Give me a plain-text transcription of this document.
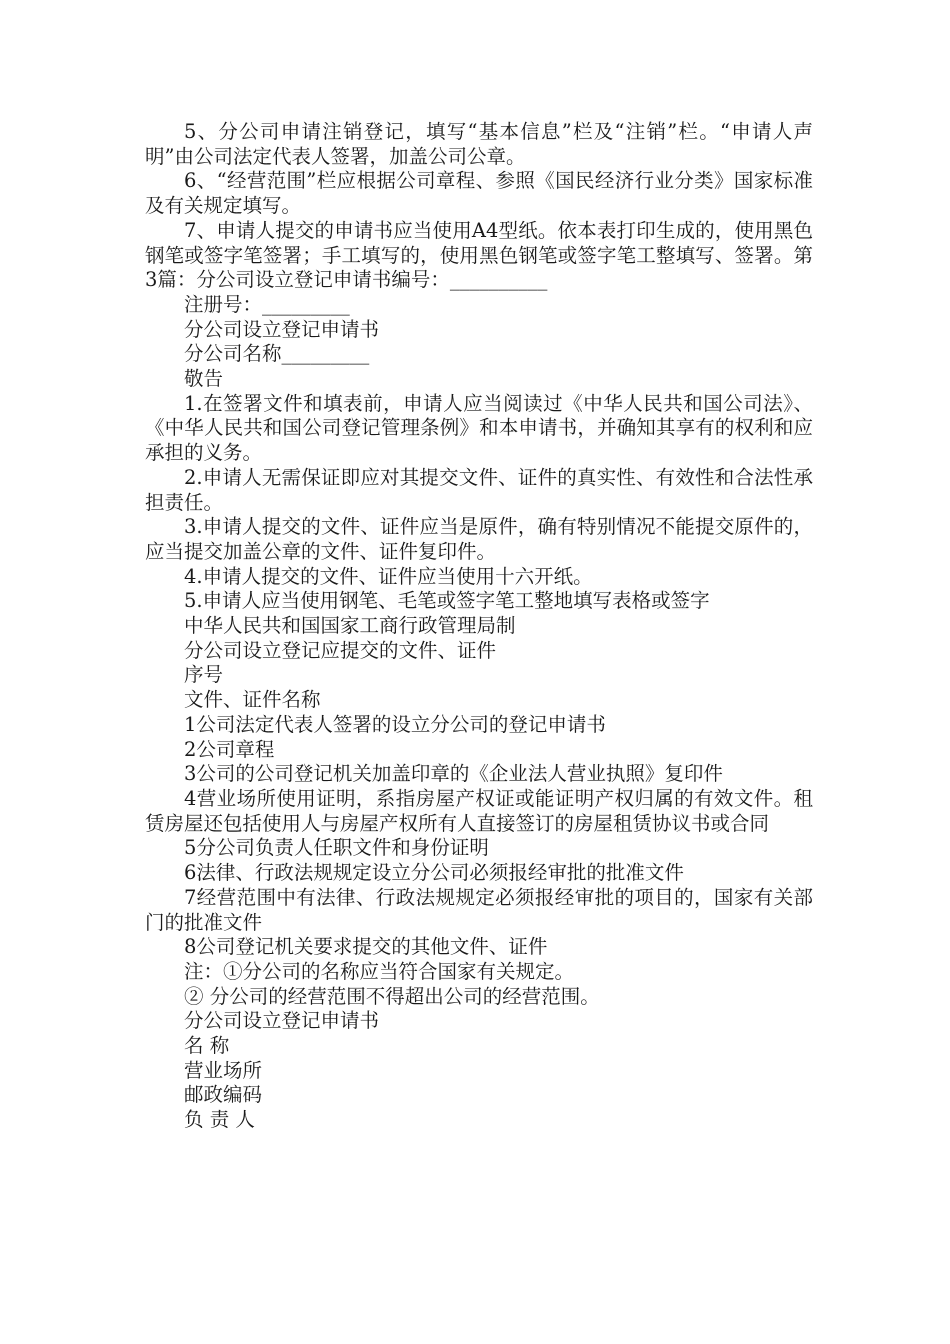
5、分公司申请注销登记，填写“基本信息”栏及“注销”栏。“申请人声明”由公司法定代表人签署，加盖公司公章。

6、“经营范围”栏应根据公司章程、参照《国民经济行业分类》国家标准及有关规定填写。

7、申请人提交的申请书应当使用A4型纸。依本表打印生成的，使用黑色钢笔或签字笔签署；手工填写的，使用黑色钢笔或签字笔工整填写、签署。第3篇：分公司设立登记申请书编号：__________

注册号：_________

分公司设立登记申请书

分公司名称_________

敬告

1.在签署文件和填表前，申请人应当阅读过《中华人民共和国公司法》、《中华人民共和国公司登记管理条例》和本申请书，并确知其享有的权利和应承担的义务。

2.申请人无需保证即应对其提交文件、证件的真实性、有效性和合法性承担责任。

3.申请人提交的文件、证件应当是原件，确有特别情况不能提交原件的，应当提交加盖公章的文件、证件复印件。

4.申请人提交的文件、证件应当使用十六开纸。

5.申请人应当使用钢笔、毛笔或签字笔工整地填写表格或签字

中华人民共和国国家工商行政管理局制

分公司设立登记应提交的文件、证件

序号

文件、证件名称

1公司法定代表人签署的设立分公司的登记申请书

2公司章程

3公司的公司登记机关加盖印章的《企业法人营业执照》复印件

4营业场所使用证明，系指房屋产权证或能证明产权归属的有效文件。租赁房屋还包括使用人与房屋产权所有人直接签订的房屋租赁协议书或合同

5分公司负责人任职文件和身份证明

6法律、行政法规规定设立分公司必须报经审批的批准文件

7经营范围中有法律、行政法规规定必须报经审批的项目的，国家有关部门的批准文件

8公司登记机关要求提交的其他文件、证件

注：①分公司的名称应当符合国家有关规定。

② 分公司的经营范围不得超出公司的经营范围。

分公司设立登记申请书

名 称

营业场所

邮政编码

负 责 人
